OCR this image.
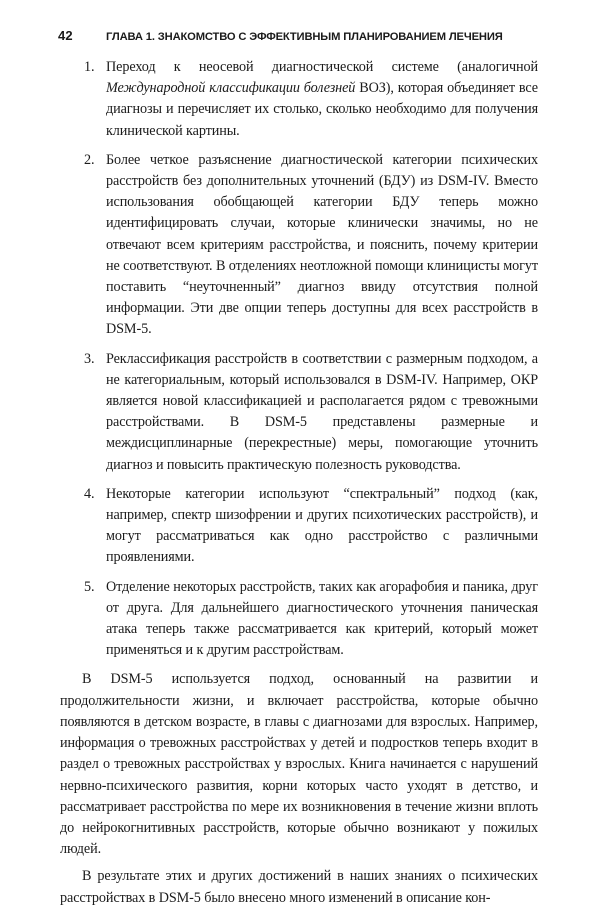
42	ГЛАВА 1. ЗНАКОМСТВО С ЭФФЕКТИВНЫМ ПЛАНИРОВАНИЕМ ЛЕЧЕНИЯ
1. Переход к неосевой диагностической системе (аналогичной Международной классификации болезней ВОЗ), которая объединяет все диагнозы и перечисляет их столько, сколько необходимо для получения клинической картины.
2. Более четкое разъяснение диагностической категории психических расстройств без дополнительных уточнений (БДУ) из DSM-IV. Вместо использования обобщающей категории БДУ теперь можно идентифицировать случаи, которые клинически значимы, но не отвечают всем критериям расстройства, и пояснить, почему критерии не соответствуют. В отделениях неотложной помощи клиницисты могут поставить “неуточненный” диагноз ввиду отсутствия полной информации. Эти две опции теперь доступны для всех расстройств в DSM-5.
3. Реклассификация расстройств в соответствии с размерным подходом, а не категориальным, который использовался в DSM-IV. Например, ОКР является новой классификацией и располагается рядом с тревожными расстройствами. В DSM-5 представлены размерные и междисциплинарные (перекрестные) меры, помогающие уточнить диагноз и повысить практическую полезность руководства.
4. Некоторые категории используют “спектральный” подход (как, например, спектр шизофрении и других психотических расстройств), и могут рассматриваться как одно расстройство с различными проявлениями.
5. Отделение некоторых расстройств, таких как агорафобия и паника, друг от друга. Для дальнейшего диагностического уточнения паническая атака теперь также рассматривается как критерий, который может применяться и к другим расстройствам.

В DSM-5 используется подход, основанный на развитии и продолжительности жизни, и включает расстройства, которые обычно появляются в детском возрасте, в главы с диагнозами для взрослых. Например, информация о тревожных расстройствах у детей и подростков теперь входит в раздел о тревожных расстройствах у взрослых. Книга начинается с нарушений нервно-психического развития, корни которых часто уходят в детство, и рассматривает расстройства по мере их возникновения в течение жизни вплоть до нейрокогнитивных расстройств, которые обычно возникают у пожилых людей.

В результате этих и других достижений в наших знаниях о психических расстройствах в DSM-5 было внесено много изменений в описание кон-
